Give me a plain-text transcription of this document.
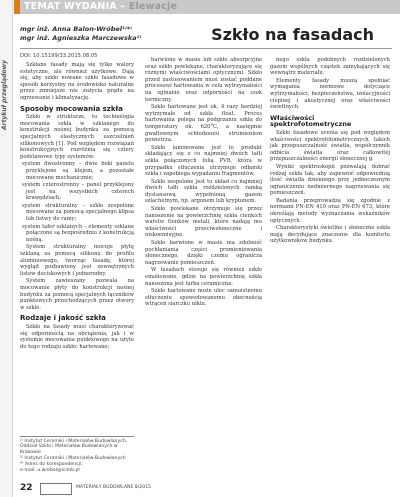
Artykuł przeglądowy
TEMAT WYDANIA – Elewacje
mgr inż. Anna Balon-Wróbel¹⁾*⁾
mgr inż. Agnieszka Marczewska²⁾	Szkło na fasadach
DOI: 10.15199/33.2015.08.05

Szkłane fasady mają się tylko walory estetyczne, ale również użytkowe. Dają się, aby szkło nowane szkło fasadowe w sposób korzystny na środowisko naturalne przez zmniejsze nie zużycia prądu na ogrzewanie i klimatyzację.

Sposoby mocowania szkła

Szkło w strukturze, to technologia mocowania szkła w szklanego do konstrukcji nośnej budynku za pomocą specjalnych elastycznych uszczelnień silikonowych [1]. Pod względem rozwiązań konstrukcyjnych rozróżnia się cztery podstawowe typy systemów:

system dwustronny – dwie boki panelu przyklejone są klejem, a pozostałe mocowane mechanicznie;

system czterostronny – panel przyklejony jest na wszystkich czterech krawędziach;

system strukturalny – szkło zespolone mocowane za pomocą specjalnego klipsa lub listwy do ramy;

system tafer szklanych – elementy szklane połączone są bezpośrednio z konstrukcją nośną.

System strukturalny mocuje płytę szklaną za pomocą silikonu do profilu aluminiowego, tworząc fasadę, której wygląd pozbawiony jest zewnętrznych listew dociskowych i jednorodny.

System zawieszany pozwala na mocowanie płyty do konstrukcji nośnej budynku za pomocą specjalnych łączników punktowych przechodzących przez otwory w szkle.

Rodzaje i jakość szkła

Szkło na fasady musi charakteryzować się odpornością na obciążenia, jak i w systemie mocowania punktowego na użyte do tego rodzaju szkło: hartowane;

¹⁾ Instytut Ceramiki i Materiałów Budowlanych, Oddział Szkła i Materiałów Budowlanych w Krakowie
²⁾ Instytut Ceramiki i Materiałów Budowlanych
*⁾ Adres do korespondencji:
e-mail: a.wrobel@icimb.pl

barwione w masie lub szkło absorpcyjne oraz szkło powlekane, charakteryzujące się różnymi właściwościami optycznymi. Szkło przed zastosowaniem musi zostać poddane procesowi hartowania w celu wytrzymałości na zginanie oraz odporności na szok termiczny.

Szkło hartowane jest ok. 4 razy bardziej wytrzymałe od szkła float. Proces hartowania polega na podgrzaniu szkła do temperatury ok. 620°C, a następnie gwałtownym schłodzeniu strumieniem powietrza.

Szkło laminowane jest to produkt składający się z co najmniej dwóch tafli szkła połączonych folią PVB, która w przypadku stłuczenia utrzymuje odłamki szkła i zapobiega wypadaniu fragmentów.

Szkło zespolone jest to układ co najmniej dwóch tafli szkła rozdzielonych ramką dystansową wypełnioną gazem szlachetnym, np. argonem lub kryptonem.

Szkło powlekane otrzymuje się przez nanoszenie na powierzchnię szkła cienkich warstw tlenków metali, które nadają mu właściwości przeciwsłoneczne i niskoemisyjne.

Szkło barwione w masie ma zdolność pochłaniania części promieniowania słonecznego, dzięki czemu ogranicza nagrzewanie pomieszczeń.

W fasadach stosuje się również szkło emaliowane, gdzie na powierzchnię szkła nanoszona jest farba ceramiczna.

Szkło hartowane może ulec samoistnemu stłuczeniu spowodowanemu obecnością wtrąceń siarczku niklu.

nego szkła podobnych rozdzielonych gazem wspólnych cząstek zamykających się wewnątrz materiału.

Elementy fasady muszą spełniać wymagania normowe dotyczące wytrzymałości, bezpieczeństwa, izolacyjności cieplnej i akustycznej oraz właściwości świetlnych.

Właściwości spektrofotometryczne

Szkło fasadowe ocenia się pod względem właściwości spektrofotometrycznych, takich jak przepuszczalność światła, współczynnik odbicia światła oraz całkowitej przepuszczalności energii słonecznej g.

Wyniki spektroskopii pozwalają dobrać rodzaj szkła tak, aby zapewnić odpowiednią ilość światła dziennego przy jednoczesnym ograniczeniu nadmiernego nagrzewania się pomieszczeń.

Badania przeprowadza się zgodnie z normami PN-EN 410 oraz PN-EN 673, które określają metody wyznaczania wskaźników optycznych.

Charakterystyki świetlne i słoneczne szkła mają decydujące znaczenie dla komfortu użytkowników budynku.

22	MATERIAŁY BUDOWLANE 8/2015
